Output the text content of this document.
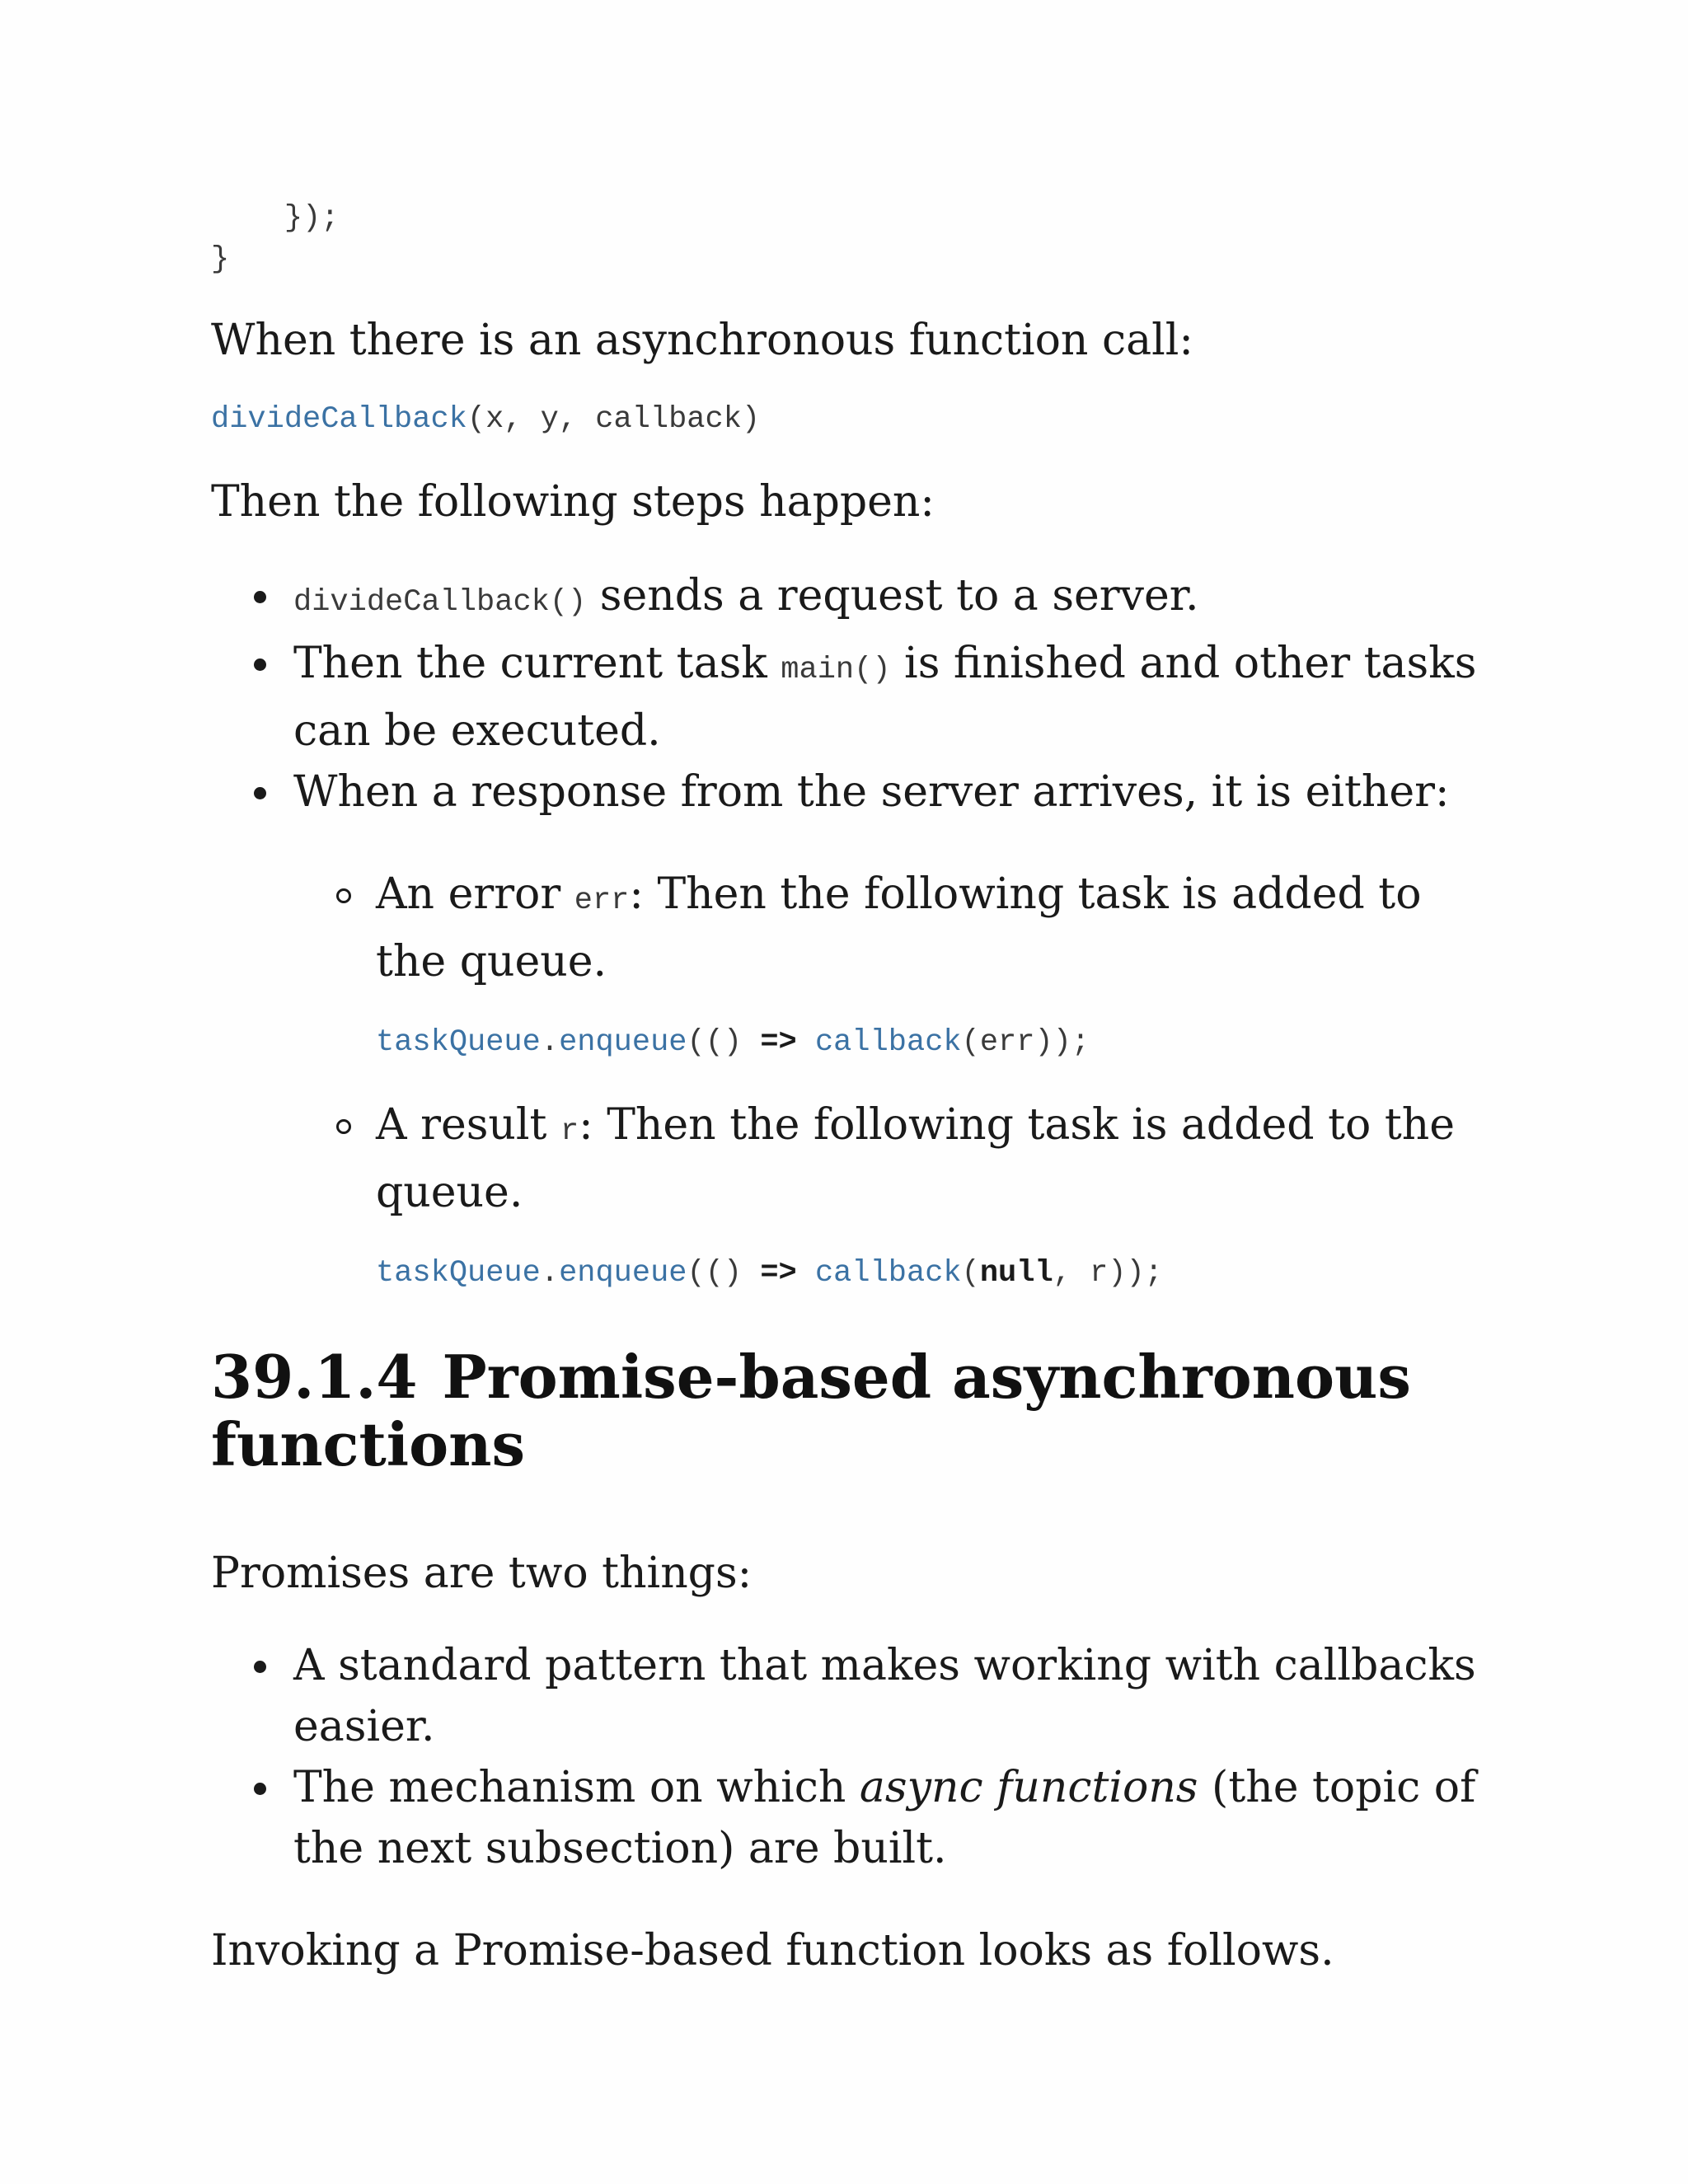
});
}

When there is an asynchronous function call:

divideCallback(x, y, callback)

Then the following steps happen:

divideCallback() sends a request to a server.
Then the current task main() is finished and other tasks can be executed.
When a response from the server arrives, it is either:
An error err: Then the following task is added to the queue.
taskQueue.enqueue(() => callback(err));
A result r: Then the following task is added to the queue.
taskQueue.enqueue(() => callback(null, r));
39.1.4 Promise-based asynchronous functions

Promises are two things:

A standard pattern that makes working with callbacks easier.
The mechanism on which async functions (the topic of the next subsection) are built.

Invoking a Promise-based function looks as follows.
